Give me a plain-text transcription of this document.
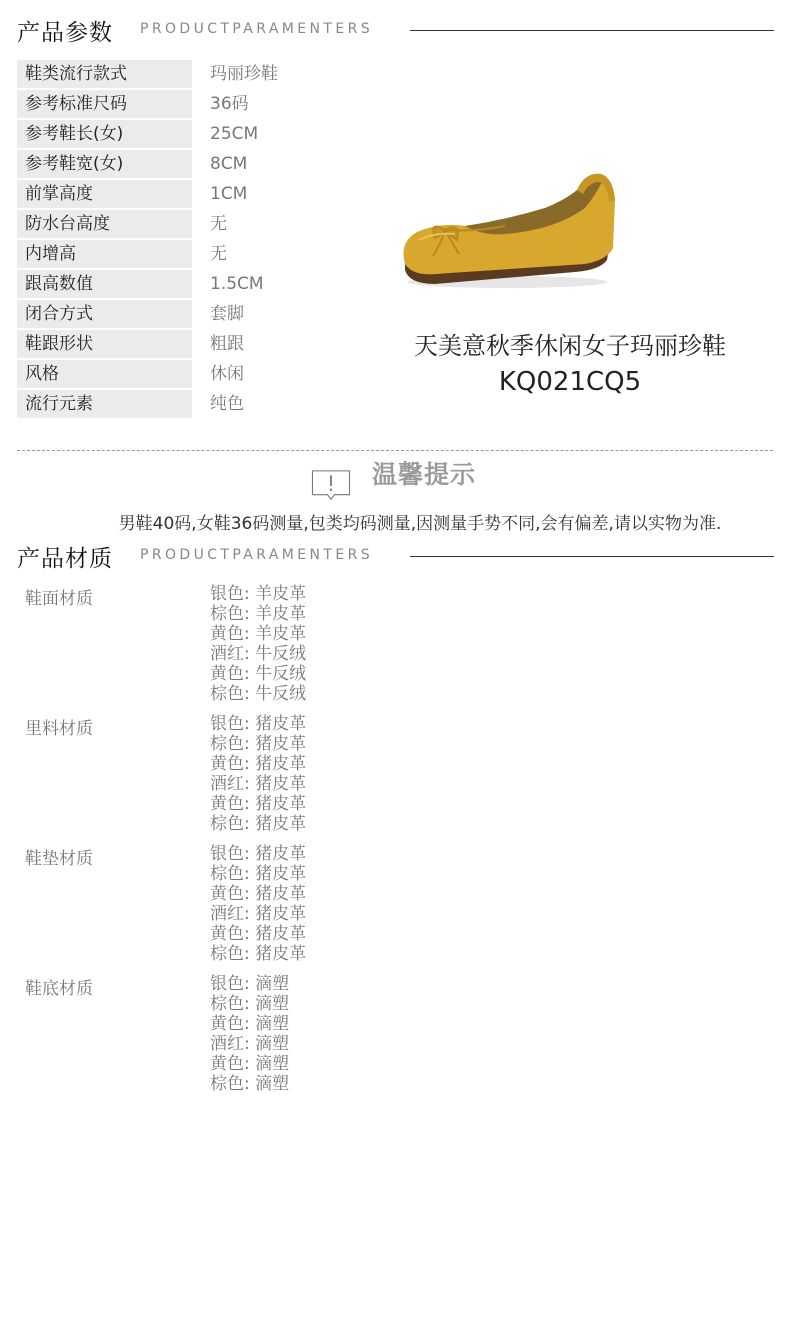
产品参数 PRODUCTPARAMENTERS
鞋类流行款式	玛丽珍鞋
参考标准尺码	36码
参考鞋长(女)	25CM
参考鞋宽(女)	8CM
前掌高度	1CM
防水台高度	无
内增高	无
跟高数值	1.5CM
闭合方式	套脚
鞋跟形状	粗跟
风格	休闲
流行元素	纯色
天美意秋季休闲女子玛丽珍鞋
KQ021CQ5
温馨提示
男鞋40码,女鞋36码测量,包类均码测量,因测量手势不同,会有偏差,请以实物为准.
产品材质 PRODUCTPARAMENTERS
鞋面材质	银色: 羊皮革
棕色: 羊皮革
黄色: 羊皮革
酒红: 牛反绒
黄色: 牛反绒
棕色: 牛反绒
里料材质	银色: 猪皮革
棕色: 猪皮革
黄色: 猪皮革
酒红: 猪皮革
黄色: 猪皮革
棕色: 猪皮革
鞋垫材质	银色: 猪皮革
棕色: 猪皮革
黄色: 猪皮革
酒红: 猪皮革
黄色: 猪皮革
棕色: 猪皮革
鞋底材质	银色: 滴塑
棕色: 滴塑
黄色: 滴塑
酒红: 滴塑
黄色: 滴塑
棕色: 滴塑
